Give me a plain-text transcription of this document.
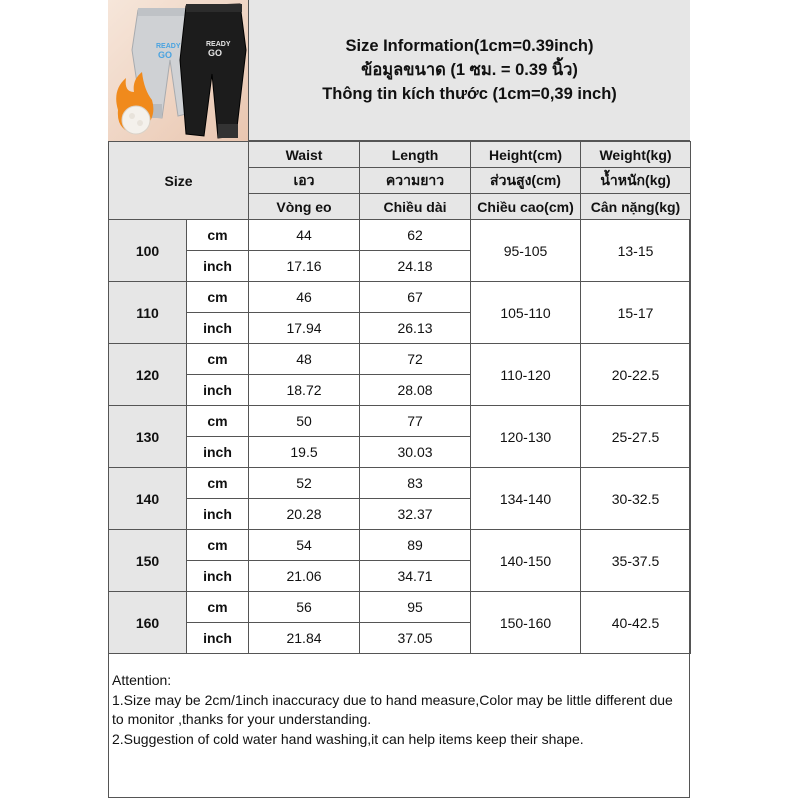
READY
GO
READY
GO	Size Information(1cm=0.39inch)
ข้อมูลขนาด (1 ซม. = 0.39 นิ้ว)
Thông tin kích thước (1cm=0,39 inch)
Size		Waist	Length	Height(cm)	Weight(kg)
		เอว	ความยาว	ส่วนสูง(cm)	น้ำหนัก(kg)
		Vòng eo	Chiều dài	Chiều cao(cm)	Cân nặng(kg)
100	cm	44	62	95-105	13-15
	inch	17.16	24.18		
110	cm	46	67	105-110	15-17
	inch	17.94	26.13		
120	cm	48	72	110-120	20-22.5
	inch	18.72	28.08		
130	cm	50	77	120-130	25-27.5
	inch	19.5	30.03		
140	cm	52	83	134-140	30-32.5
	inch	20.28	32.37		
150	cm	54	89	140-150	35-37.5
	inch	21.06	34.71		
160	cm	56	95	150-160	40-42.5
	inch	21.84	37.05		
Attention:
1.Size may be 2cm/1inch inaccuracy due to hand measure,Color may be little different due to monitor ,thanks for your understanding.
2.Suggestion of cold water hand washing,it can help items keep their shape.
